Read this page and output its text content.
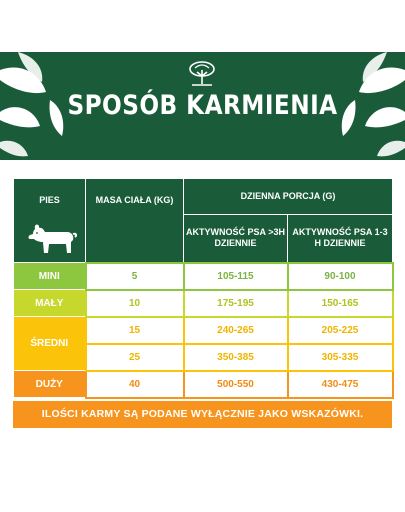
SPOSÓB KARMIENIA
Dla dorosłych psów 1-7 lat
PIES	MASA CIAŁA (KG)	DZIENNA PORCJA (G)	
		AKTYWNOŚĆ PSA >3H DZIENNIE	AKTYWNOŚĆ PSA 1-3 H DZIENNIE
MINI	5	105-115	90-100
MAŁY	10	175-195	150-165
ŚREDNI	15	240-265	205-225
	25	350-385	305-335
DUŻY	40	500-550	430-475
ILOŚCI KARMY SĄ PODANE WYŁĄCZNIE JAKO WSKAZÓWKI.
